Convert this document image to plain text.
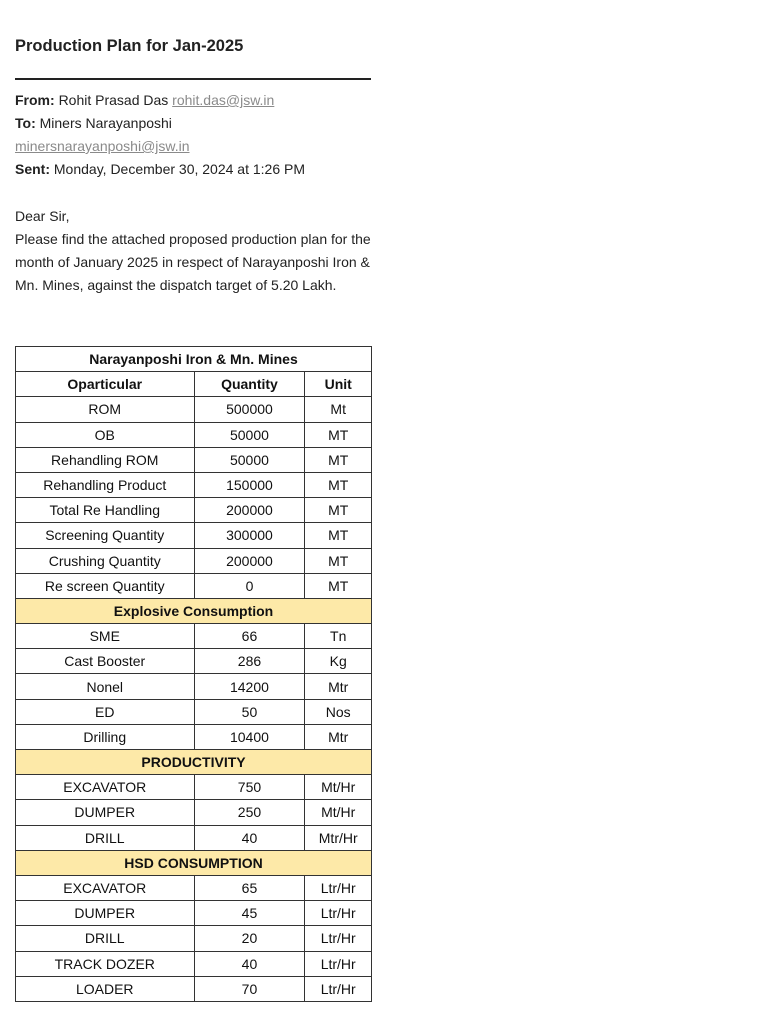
Production Plan for Jan-2025
From: Rohit Prasad Das rohit.das@jsw.in
To: Miners Narayanposhi
minersnarayanposhi@jsw.in
Sent: Monday, December 30, 2024 at 1:26 PM
Dear Sir,
Please find the attached proposed production plan for the month of January 2025 in respect of Narayanposhi Iron & Mn. Mines, against the dispatch target of 5.20 Lakh.
Narayanposhi Iron & Mn. Mines		
Oparticular	Quantity	Unit
ROM	500000	Mt
OB	50000	MT
Rehandling ROM	50000	MT
Rehandling Product	150000	MT
Total Re Handling	200000	MT
Screening Quantity	300000	MT
Crushing Quantity	200000	MT
Re screen Quantity	0	MT
Explosive Consumption		
SME	66	Tn
Cast Booster	286	Kg
Nonel	14200	Mtr
ED	50	Nos
Drilling	10400	Mtr
PRODUCTIVITY		
EXCAVATOR	750	Mt/Hr
DUMPER	250	Mt/Hr
DRILL	40	Mtr/Hr
HSD CONSUMPTION		
EXCAVATOR	65	Ltr/Hr
DUMPER	45	Ltr/Hr
DRILL	20	Ltr/Hr
TRACK DOZER	40	Ltr/Hr
LOADER	70	Ltr/Hr
